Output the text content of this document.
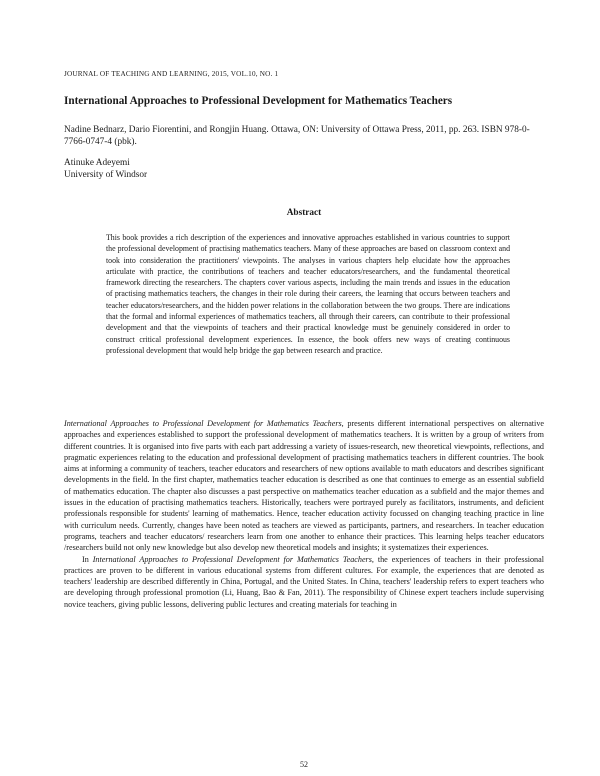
JOURNAL OF TEACHING AND LEARNING, 2015, VOL.10, NO. 1
International Approaches to Professional Development for Mathematics Teachers
Nadine Bednarz, Dario Fiorentini, and Rongjin Huang. Ottawa, ON: University of Ottawa Press, 2011, pp. 263. ISBN 978-0-7766-0747-4 (pbk).
Atinuke Adeyemi
University of Windsor
Abstract
This book provides a rich description of the experiences and innovative approaches established in various countries to support the professional development of practising mathematics teachers. Many of these approaches are based on classroom context and took into consideration the practitioners' viewpoints. The analyses in various chapters help elucidate how the approaches articulate with practice, the contributions of teachers and teacher educators/researchers, and the fundamental theoretical framework directing the researchers. The chapters cover various aspects, including the main trends and issues in the education of practising mathematics teachers, the changes in their role during their careers, the learning that occurs between teachers and teacher educators/researchers, and the hidden power relations in the collaboration between the two groups. There are indications that the formal and informal experiences of mathematics teachers, all through their careers, can contribute to their professional development and that the viewpoints of teachers and their practical knowledge must be genuinely considered in order to construct critical professional development experiences. In essence, the book offers new ways of creating continuous professional development that would help bridge the gap between research and practice.

International Approaches to Professional Development for Mathematics Teachers, presents different international perspectives on alternative approaches and experiences established to support the professional development of mathematics teachers. It is written by a group of writers from different countries. It is organised into five parts with each part addressing a variety of issues-research, new theoretical viewpoints, reflections, and pragmatic experiences relating to the education and professional development of practising mathematics teachers in different countries. The book aims at informing a community of teachers, teacher educators and researchers of new options available to math educators and describes significant developments in the field. In the first chapter, mathematics teacher education is described as one that continues to emerge as an essential subfield of mathematics education. The chapter also discusses a past perspective on mathematics teacher education as a subfield and the major themes and issues in the education of practising mathematics teachers. Historically, teachers were portrayed purely as facilitators, instruments, and deficient professionals responsible for students' learning of mathematics. Hence, teacher education activity focussed on changing teaching practice in line with curriculum needs. Currently, changes have been noted as teachers are viewed as participants, partners, and researchers. In teacher education programs, teachers and teacher educators/ researchers learn from one another to enhance their practices. This learning helps teacher educators /researchers build not only new knowledge but also develop new theoretical models and insights; it systematizes their experiences.

In International Approaches to Professional Development for Mathematics Teachers, the experiences of teachers in their professional practices are proven to be different in various educational systems from different cultures. For example, the experiences that are denoted as teachers' leadership are described differently in China, Portugal, and the United States. In China, teachers' leadership refers to expert teachers who are developing through professional promotion (Li, Huang, Bao & Fan, 2011). The responsibility of Chinese expert teachers include supervising novice teachers, giving public lessons, delivering public lectures and creating materials for teaching in

52
